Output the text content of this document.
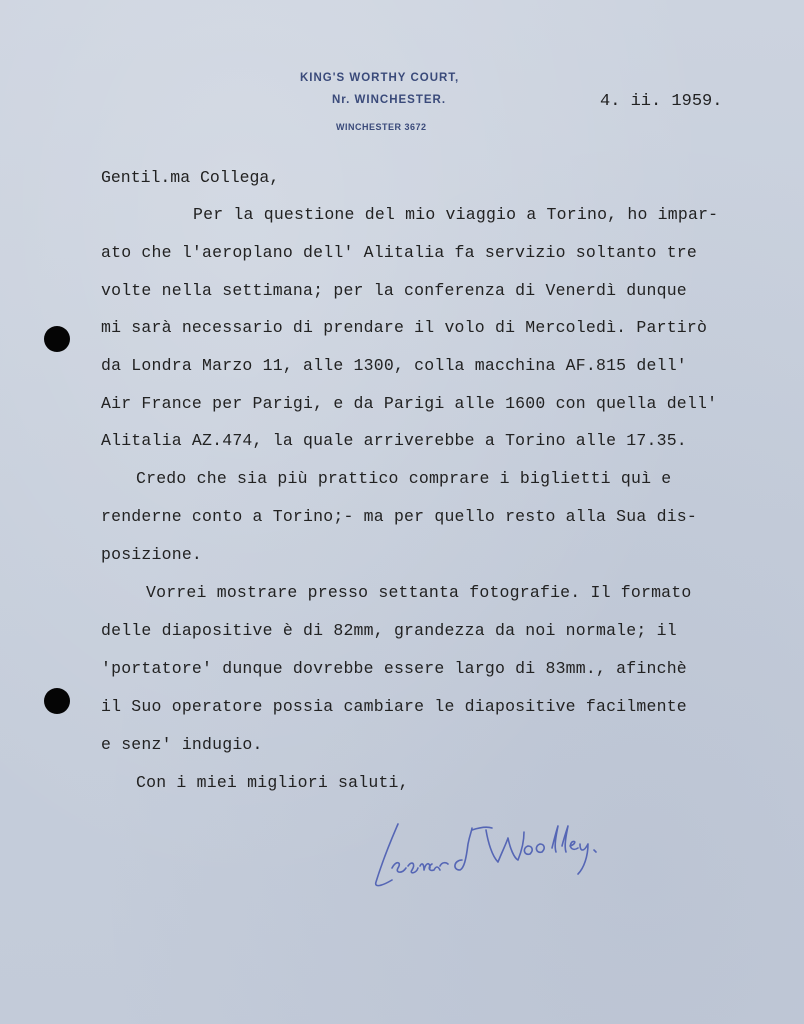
KING'S WORTHY COURT,
Nr. WINCHESTER.
WINCHESTER 3672
4. ii. 1959.
Gentil.ma Collega,
Per la questione del mio viaggio a Torino, ho impar-
ato che l'aeroplano dell' Alitalia fa servizio soltanto tre
volte nella settimana; per la conferenza di Venerdì dunque
mi sarà necessario di prendare il volo di Mercoledì. Partirò
da Londra Marzo 11, alle 1300, colla macchina AF.815 dell'
Air France per Parigi, e da Parigi alle 1600 con quella dell'
Alitalia AZ.474, la quale arriverebbe a Torino alle 17.35.
Credo che sia più prattico comprare i biglietti quì e
renderne conto a Torino;- ma per quello resto alla Sua dis-
posizione.
Vorrei mostrare presso settanta fotografie. Il formato
delle diapositive è di 82mm, grandezza da noi normale; il
'portatore' dunque dovrebbe essere largo di 83mm., afinchè
il Suo operatore possia cambiare le diapositive facilmente
e senz' indugio.
Con i miei migliori saluti,
